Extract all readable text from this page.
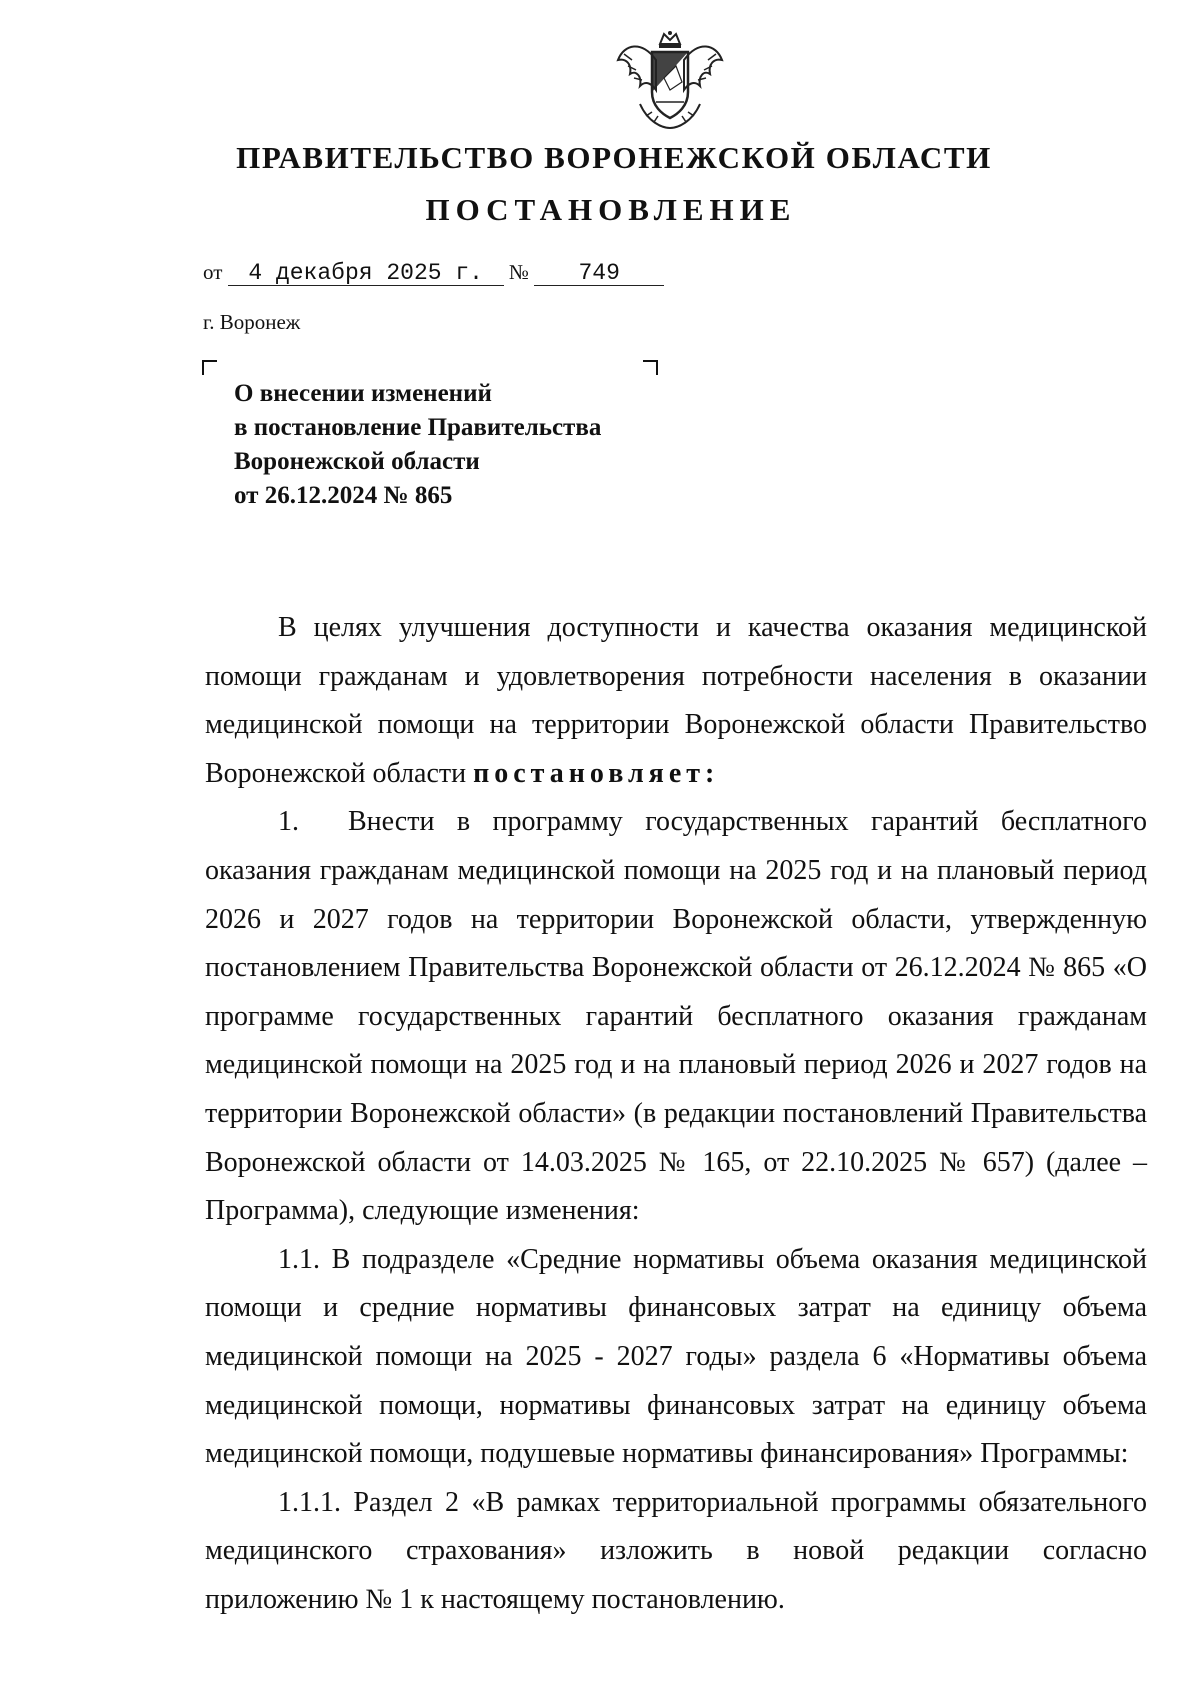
ПРАВИТЕЛЬСТВО ВОРОНЕЖСКОЙ ОБЛАСТИ
ПОСТАНОВЛЕНИЕ
от 4 декабря 2025 г. № 749
г. Воронеж
О внесении изменений
в постановление Правительства
Воронежской области
от 26.12.2024 № 865

В целях улучшения доступности и качества оказания медицинской помощи гражданам и удовлетворения потребности населения в оказании медицинской помощи на территории Воронежской области Правительство Воронежской области постановляет:

1. Внести в программу государственных гарантий бесплатного оказания гражданам медицинской помощи на 2025 год и на плановый период 2026 и 2027 годов на территории Воронежской области, утвержденную постановлением Правительства Воронежской области от 26.12.2024 № 865 «О программе государственных гарантий бесплатного оказания гражданам медицинской помощи на 2025 год и на плановый период 2026 и 2027 годов на территории Воронежской области» (в редакции постановлений Правительства Воронежской области от 14.03.2025 № 165, от 22.10.2025 № 657) (далее – Программа), следующие изменения:

1.1. В подразделе «Средние нормативы объема оказания медицинской помощи и средние нормативы финансовых затрат на единицу объема медицинской помощи на 2025 - 2027 годы» раздела 6 «Нормативы объема медицинской помощи, нормативы финансовых затрат на единицу объема медицинской помощи, подушевые нормативы финансирования» Программы:

1.1.1. Раздел 2 «В рамках территориальной программы обязательного медицинского страхования» изложить в новой редакции согласно приложению № 1 к настоящему постановлению.
